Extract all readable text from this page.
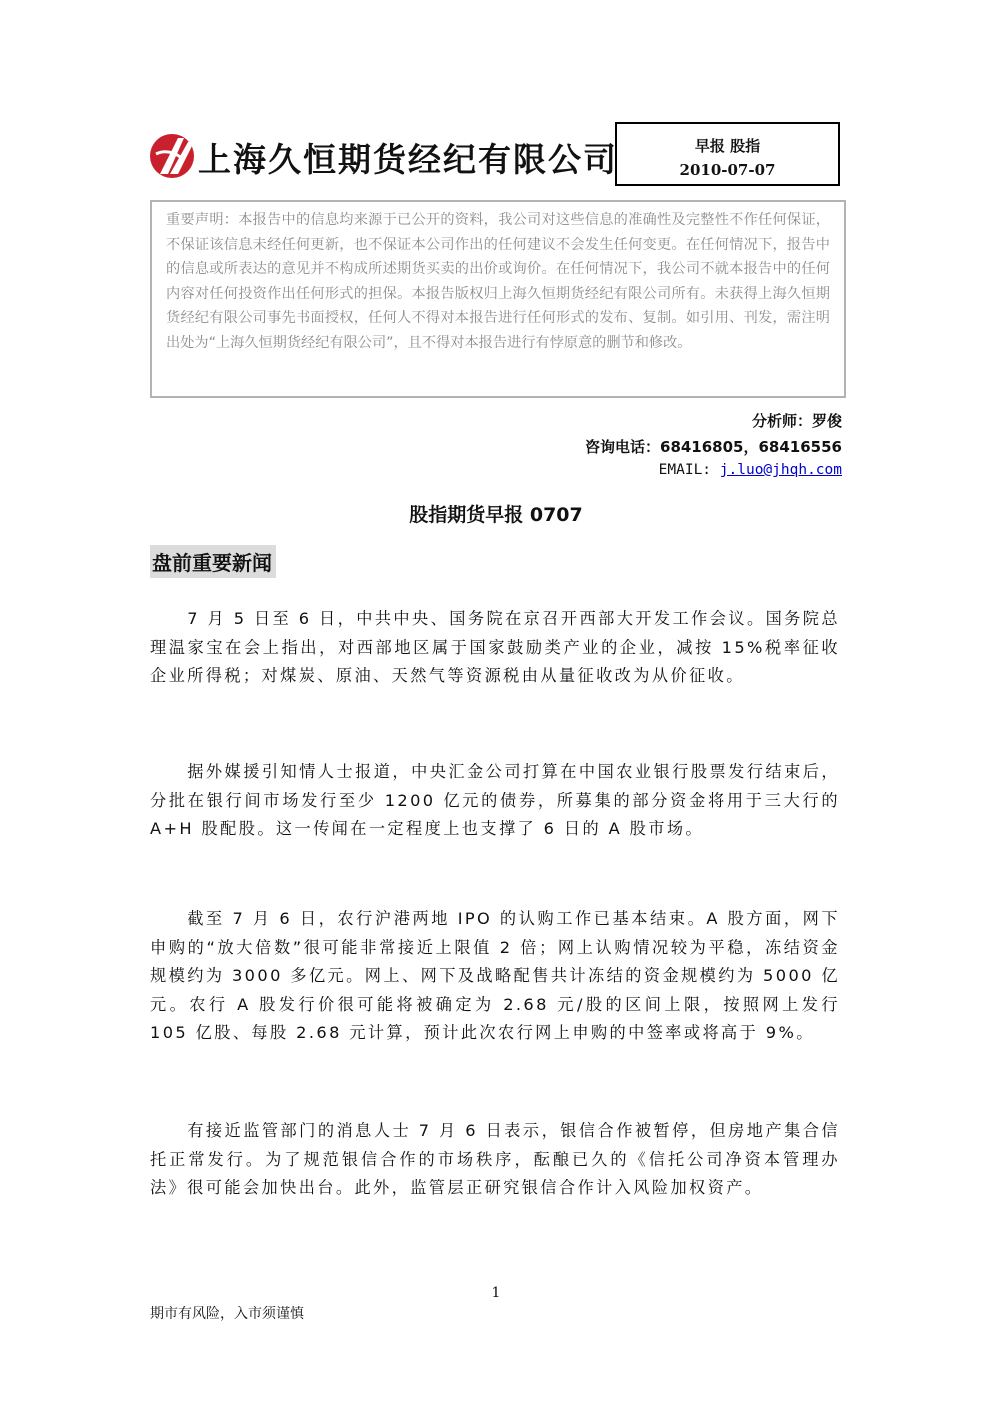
上海久恒期货经纪有限公司	早报 股指
2010-07-07
重要声明：本报告中的信息均来源于已公开的资料，我公司对这些信息的准确性及完整性不作任何保证，不保证该信息未经任何更新，也不保证本公司作出的任何建议不会发生任何变更。在任何情况下，报告中的信息或所表达的意见并不构成所述期货买卖的出价或询价。在任何情况下，我公司不就本报告中的任何内容对任何投资作出任何形式的担保。本报告版权归上海久恒期货经纪有限公司所有。未获得上海久恒期货经纪有限公司事先书面授权，任何人不得对本报告进行任何形式的发布、复制。如引用、刊发，需注明出处为“上海久恒期货经纪有限公司”，且不得对本报告进行有悖原意的删节和修改。
分析师：罗俊
咨询电话：68416805，68416556
EMAIL: j.luo@jhqh.com
股指期货早报 0707
盘前重要新闻
7 月 5 日至 6 日，中共中央、国务院在京召开西部大开发工作会议。国务院总理温家宝在会上指出，对西部地区属于国家鼓励类产业的企业，减按 15%税率征收企业所得税；对煤炭、原油、天然气等资源税由从量征收改为从价征收。
据外媒援引知情人士报道，中央汇金公司打算在中国农业银行股票发行结束后，分批在银行间市场发行至少 1200 亿元的债券，所募集的部分资金将用于三大行的 A+H 股配股。这一传闻在一定程度上也支撑了 6 日的 A 股市场。
截至 7 月 6 日，农行沪港两地 IPO 的认购工作已基本结束。A 股方面，网下申购的“放大倍数”很可能非常接近上限值 2 倍；网上认购情况较为平稳，冻结资金规模约为 3000 多亿元。网上、网下及战略配售共计冻结的资金规模约为 5000 亿元。农行 A 股发行价很可能将被确定为 2.68 元/股的区间上限，按照网上发行 105 亿股、每股 2.68 元计算，预计此次农行网上申购的中签率或将高于 9%。
有接近监管部门的消息人士 7 月 6 日表示，银信合作被暂停，但房地产集合信托正常发行。为了规范银信合作的市场秩序，酝酿已久的《信托公司净资本管理办法》很可能会加快出台。此外，监管层正研究银信合作计入风险加权资产。
1
期市有风险，入市须谨慎
